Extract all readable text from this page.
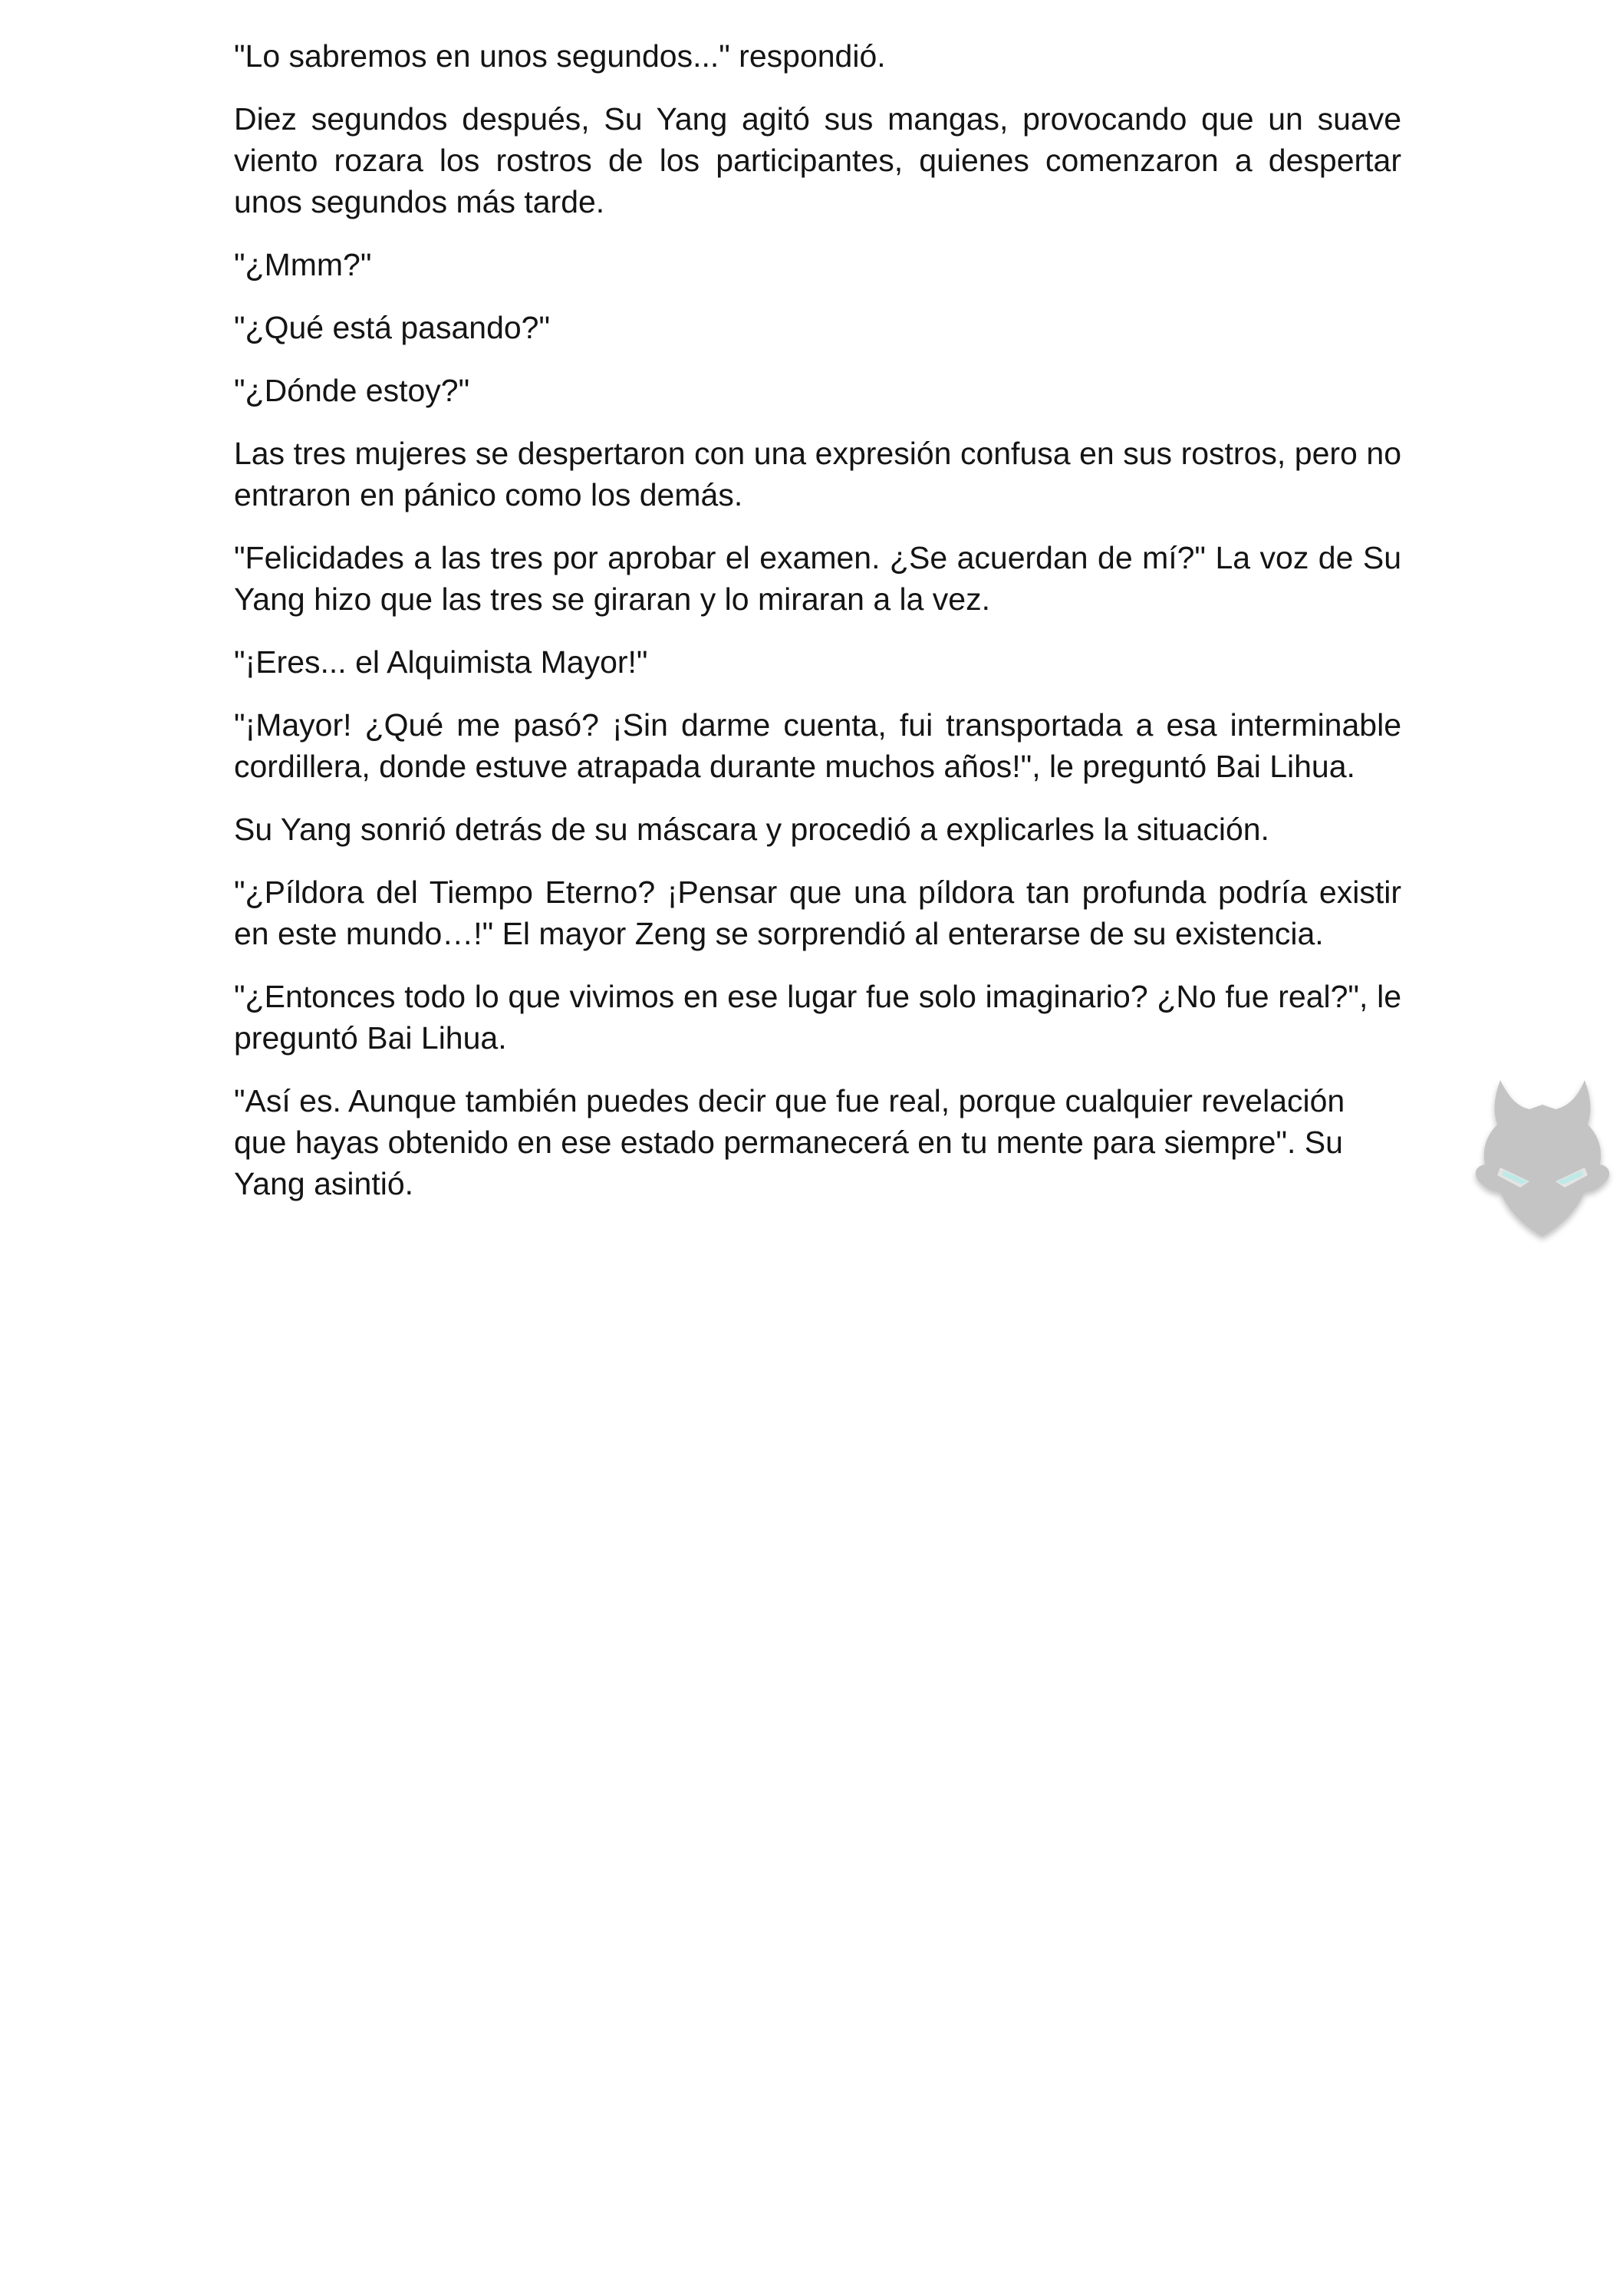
"Lo sabremos en unos segundos..." respondió.

Diez segundos después, Su Yang agitó sus mangas, provocando que un suave viento rozara los rostros de los participantes, quienes comenzaron a despertar unos segundos más tarde.

"¿Mmm?"

"¿Qué está pasando?"

"¿Dónde estoy?"

Las tres mujeres se despertaron con una expresión confusa en sus rostros, pero no entraron en pánico como los demás.

"Felicidades a las tres por aprobar el examen. ¿Se acuerdan de mí?" La voz de Su Yang hizo que las tres se giraran y lo miraran a la vez.

"¡Eres... el Alquimista Mayor!"

"¡Mayor! ¿Qué me pasó? ¡Sin darme cuenta, fui transportada a esa interminable cordillera, donde estuve atrapada durante muchos años!", le preguntó Bai Lihua.

Su Yang sonrió detrás de su máscara y procedió a explicarles la situación.

"¿Píldora del Tiempo Eterno? ¡Pensar que una píldora tan profunda podría existir en este mundo…!" El mayor Zeng se sorprendió al enterarse de su existencia.

"¿Entonces todo lo que vivimos en ese lugar fue solo imaginario? ¿No fue real?", le preguntó Bai Lihua.

"Así es. Aunque también puedes decir que fue real, porque cualquier revelación que hayas obtenido en ese estado permanecerá en tu mente para siempre". Su Yang asintió.
